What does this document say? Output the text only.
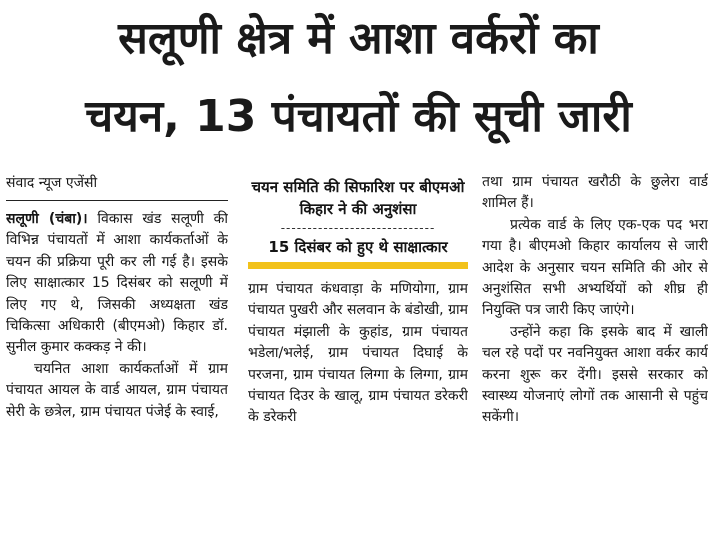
सलूणी क्षेत्र में आशा वर्करों का
चयन, 13 पंचायतों की सूची जारी
संवाद न्यूज एजेंसी

सलूणी (चंबा)। विकास खंड सलूणी की विभिन्न पंचायतों में आशा कार्यकर्ताओं के चयन की प्रक्रिया पूरी कर ली गई है। इसके लिए साक्षात्कार 15 दिसंबर को सलूणी में लिए गए थे, जिसकी अध्यक्षता खंड चिकित्सा अधिकारी (बीएमओ) किहार डॉ. सुनील कुमार कक्कड़ ने की।

चयनित आशा कार्यकर्ताओं में ग्राम पंचायत आयल के वार्ड आयल, ग्राम पंचायत सेरी के छत्रेल, ग्राम पंचायत पंजेई के स्वाई,

चयन समिति की सिफारिश पर बीएमओ किहार ने की अनुशंसा
-----------------------------
15 दिसंबर को हुए थे साक्षात्कार

ग्राम पंचायत कंधवाड़ा के मणियोगा, ग्राम पंचायत पुखरी और सलवान के बंडोखी, ग्राम पंचायत मंझाली के कुहांड, ग्राम पंचायत भडेला/भलेई, ग्राम पंचायत दिघाई के परजना, ग्राम पंचायत लिग्गा के लिग्गा, ग्राम पंचायत दिउर के खालू, ग्राम पंचायत डरेकरी के डरेकरी

तथा ग्राम पंचायत खरौठी के छुलेरा वार्ड शामिल हैं।

प्रत्येक वार्ड के लिए एक-एक पद भरा गया है। बीएमओ किहार कार्यालय से जारी आदेश के अनुसार चयन समिति की ओर से अनुशंसित सभी अभ्यर्थियों को शीघ्र ही नियुक्ति पत्र जारी किए जाएंगे।

उन्होंने कहा कि इसके बाद में खाली चल रहे पदों पर नवनियुक्त आशा वर्कर कार्य करना शुरू कर देंगी। इससे सरकार को स्वास्थ्य योजनाएं लोगों तक आसानी से पहुंच सकेंगी।
